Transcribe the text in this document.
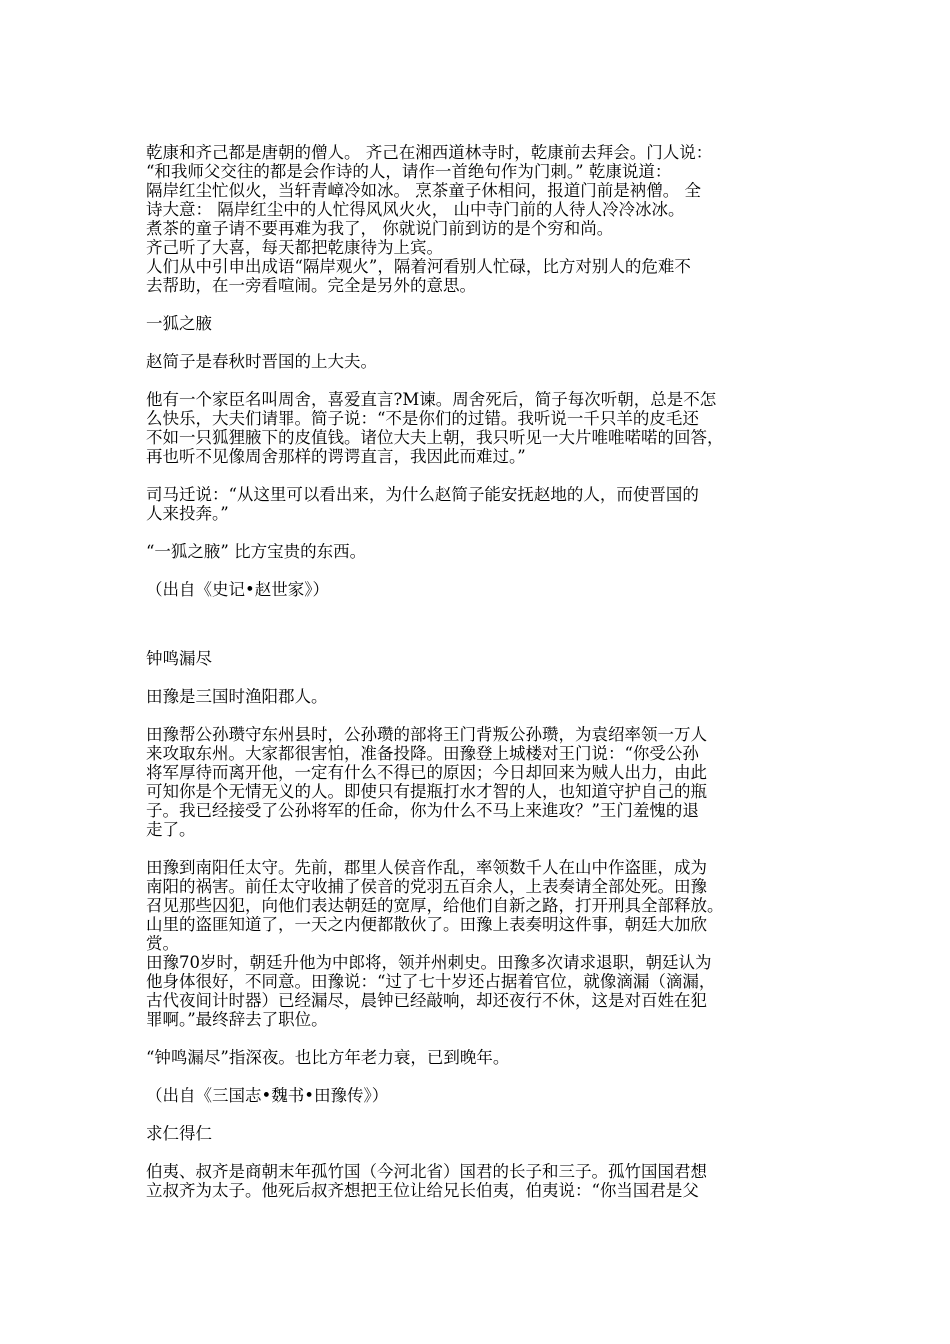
乾康和齐己都是唐朝的僧人。 齐己在湘西道林寺时，乾康前去拜会。门人说：
“和我师父交往的都是会作诗的人，请作一首绝句作为门刺。” 乾康说道：
隔岸红尘忙似火，当轩青嶂冷如冰。 烹茶童子休相问，报道门前是衲僧。 全
诗大意： 隔岸红尘中的人忙得风风火火， 山中寺门前的人待人冷冷冰冰。
煮茶的童子请不要再难为我了， 你就说门前到访的是个穷和尚。
齐己听了大喜，每天都把乾康待为上宾。
人们从中引申出成语“隔岸观火”，隔着河看别人忙碌，比方对别人的危难不
去帮助，在一旁看喧闹。完全是另外的意思。
一狐之腋
赵简子是春秋时晋国的上大夫。
他有一个家臣名叫周舍，喜爱直言?M谏。周舍死后，简子每次听朝，总是不怎
么快乐，大夫们请罪。简子说：“不是你们的过错。我听说一千只羊的皮毛还
不如一只狐狸腋下的皮值钱。诸位大夫上朝，我只听见一大片唯唯喏喏的回答，
再也听不见像周舍那样的谔谔直言，我因此而难过。”
司马迁说：“从这里可以看出来，为什么赵简子能安抚赵地的人，而使晋国的
人来投奔。”
“一狐之腋” 比方宝贵的东西。
（出自《史记•赵世家》）
钟鸣漏尽
田豫是三国时渔阳郡人。
田豫帮公孙瓒守东州县时，公孙瓒的部将王门背叛公孙瓒，为袁绍率领一万人
来攻取东州。大家都很害怕，准备投降。田豫登上城楼对王门说：“你受公孙
将军厚待而离开他，一定有什么不得已的原因；今日却回来为贼人出力，由此
可知你是个无情无义的人。即使只有提瓶打水才智的人，也知道守护自己的瓶
子。我已经接受了公孙将军的任命，你为什么不马上来進攻？”王门羞愧的退
走了。
田豫到南阳任太守。先前，郡里人侯音作乱，率领数千人在山中作盗匪，成为
南阳的祸害。前任太守收捕了侯音的党羽五百余人，上表奏请全部处死。田豫
召见那些囚犯，向他们表达朝廷的宽厚，给他们自新之路，打开刑具全部释放。
山里的盗匪知道了，一天之内便都散伙了。田豫上表奏明这件事，朝廷大加欣
赏。
田豫70岁时，朝廷升他为中郎将，领并州刺史。田豫多次请求退职，朝廷认为
他身体很好，不同意。田豫说：“过了七十岁还占据着官位，就像滴漏（滴漏，
古代夜间计时器）已经漏尽，晨钟已经敲响，却还夜行不休，这是对百姓在犯
罪啊。”最终辞去了职位。
“钟鸣漏尽”指深夜。也比方年老力衰，已到晚年。
（出自《三国志•魏书•田豫传》）
求仁得仁
伯夷、叔齐是商朝末年孤竹国（今河北省）国君的长子和三子。孤竹国国君想
立叔齐为太子。他死后叔齐想把王位让给兄长伯夷，伯夷说：“你当国君是父
